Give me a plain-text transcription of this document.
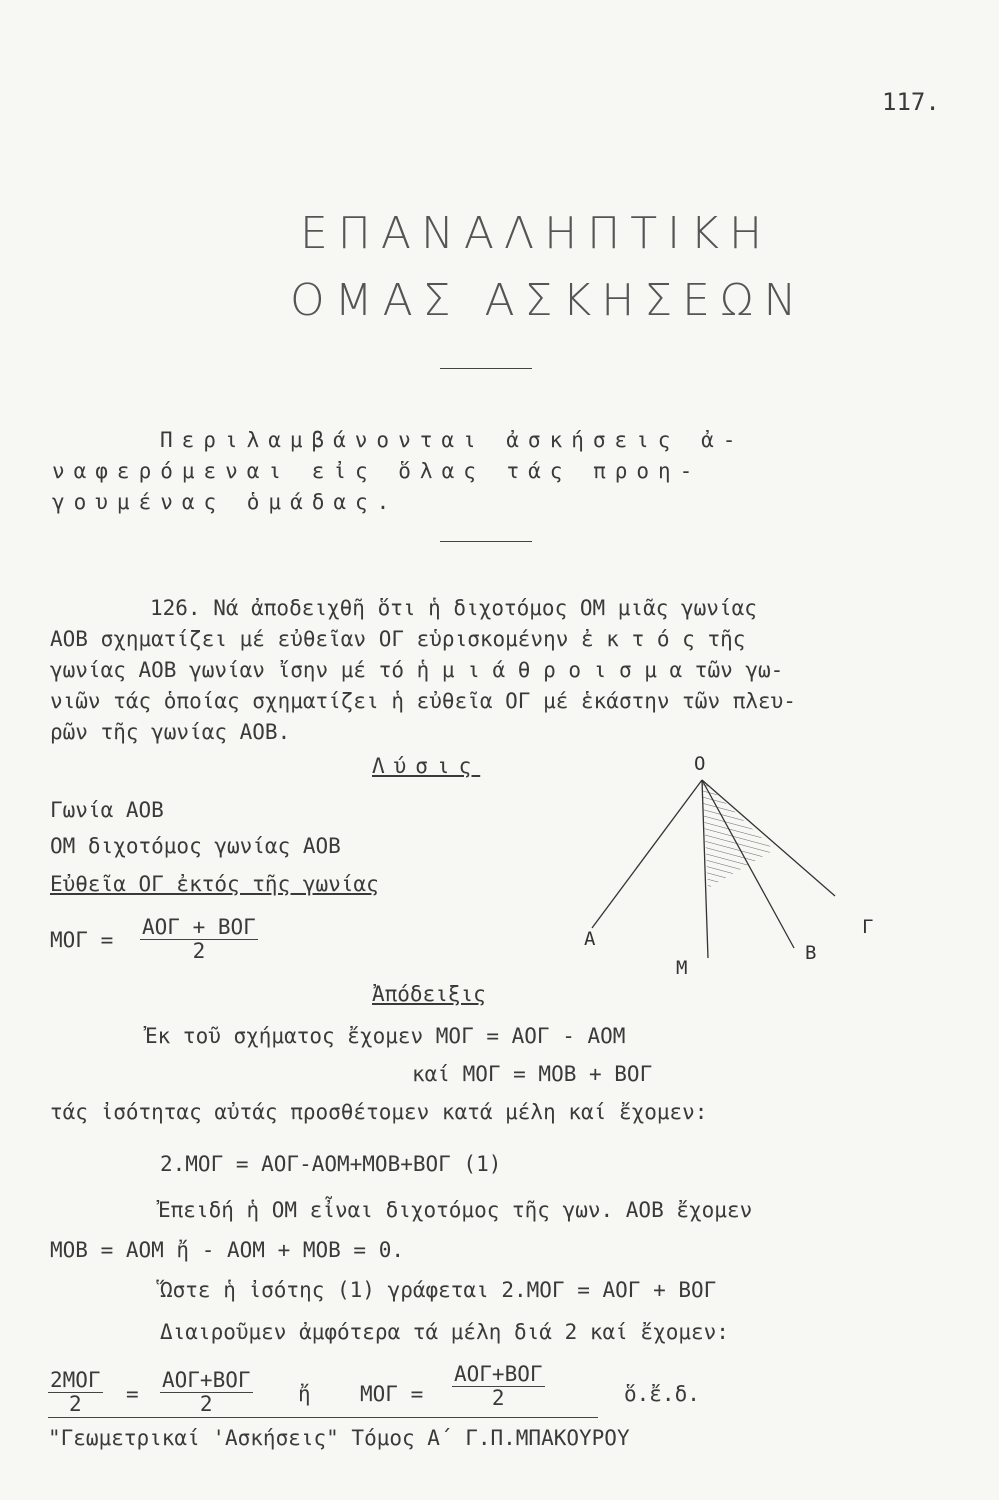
117.
ΕΠΑΝΑΛΗΠΤΙΚΗ
ΟΜΑΣ ΑΣΚΗΣΕΩΝ
Περιλαμβάνονται ἀσκήσεις ἀ-
ναφερόμεναι εἰς ὅλας τάς προη-
γουμένας ὁμάδας.
126. Νά ἀποδειχθῆ ὅτι ἡ διχοτόμος ΟΜ μιᾶς γωνίας
ΑΟΒ σχηματίζει μέ εὐθεῖαν ΟΓ εὑρισκομένην ἐ κ τ ό ς τῆς
γωνίας ΑΟΒ γωνίαν ἴσην μέ τό ἡ μ ι ά θ ρ ο ι σ μ α τῶν γω-
νιῶν τάς ὁποίας σχηματίζει ἡ εὐθεῖα ΟΓ μέ ἑκάστην τῶν πλευ-
ρῶν τῆς γωνίας ΑΟΒ.
Λύσις
Γωνία ΑΟΒ
ΟΜ διχοτόμος γωνίας ΑΟΒ
Εὐθεῖα ΟΓ ἐκτός τῆς γωνίας
ΜΟΓ =
ΑΟΓ + ΒΟΓ
2
Ο
Α
Μ
Β
Γ
Ἀπόδειξις
Ἐκ τοῦ σχήματος ἔχομεν ΜΟΓ = ΑΟΓ - ΑΟΜ
καί ΜΟΓ = ΜΟΒ + ΒΟΓ
τάς ἰσότητας αὐτάς προσθέτομεν κατά μέλη καί ἔχομεν:
2.ΜΟΓ = ΑΟΓ-ΑΟΜ+ΜΟΒ+ΒΟΓ (1)
Ἐπειδή ἡ ΟΜ εἶναι διχοτόμος τῆς γων. ΑΟΒ ἔχομεν
ΜΟΒ = ΑΟΜ ἤ - ΑΟΜ + ΜΟΒ = 0.
Ὥστε ἡ ἰσότης (1) γράφεται 2.ΜΟΓ = ΑΟΓ + ΒΟΓ
Διαιροῦμεν ἀμφότερα τά μέλη διά 2 καί ἔχομεν:
2ΜΟΓ
2	=
ΑΟΓ+ΒΟΓ
2	ἤ ΜΟΓ =
ΑΟΓ+ΒΟΓ
2	ὅ.ἔ.δ.
"Γεωμετρικαί 'Ασκήσεις" Τόμος Α΄ Γ.Π.ΜΠΑΚΟΥΡΟΥ
